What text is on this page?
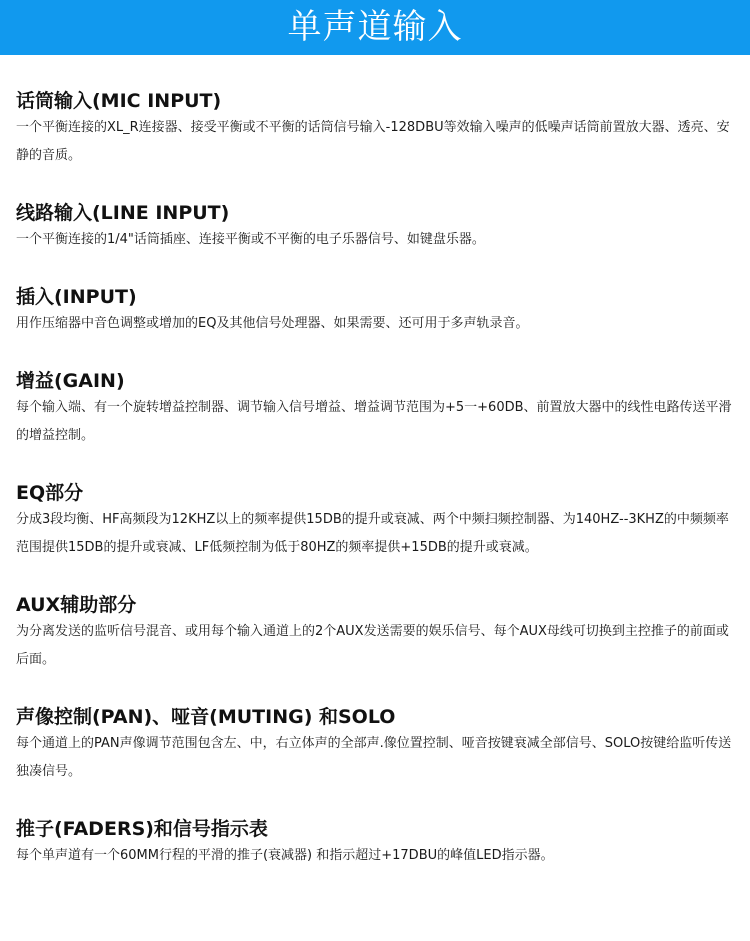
单声道输入
话筒输入(MIC INPUT)

一个平衡连接的XL_R连接器、接受平衡或不平衡的话筒信号输入-128DBU等效输入噪声的低噪声话筒前置放大器、透亮、安静的音质。

线路输入(LINE INPUT)

一个平衡连接的1/4"话筒插座、连接平衡或不平衡的电子乐器信号、如键盘乐器。

插入(INPUT)

用作压缩器中音色调整或增加的EQ及其他信号处理器、如果需要、还可用于多声轨录音。

增益(GAIN)

每个输入端、有一个旋转增益控制器、调节输入信号增益、增益调节范围为+5一+60DB、前置放大器中的线性电路传送平滑的增益控制。

EQ部分

分成3段均衡、HF高频段为12KHZ以上的频率提供15DB的提升或衰减、两个中频扫频控制器、为140HZ--3KHZ的中频频率范围提供15DB的提升或衰减、LF低频控制为低于80HZ的频率提供+15DB的提升或衰减。

AUX辅助部分

为分离发送的监听信号混音、或用每个输入通道上的2个AUX发送需要的娱乐信号、每个AUX母线可切换到主控推子的前面或后面。

声像控制(PAN)、哑音(MUTING) 和SOLO

每个通道上的PAN声像调节范围包含左、中，右立体声的全部声.像位置控制、哑音按键衰减全部信号、SOLO按键给监听传送独凑信号。

推子(FADERS)和信号指示表

每个单声道有一个60MM行程的平滑的推子(衰减器) 和指示超过+17DBU的峰值LED指示器。
